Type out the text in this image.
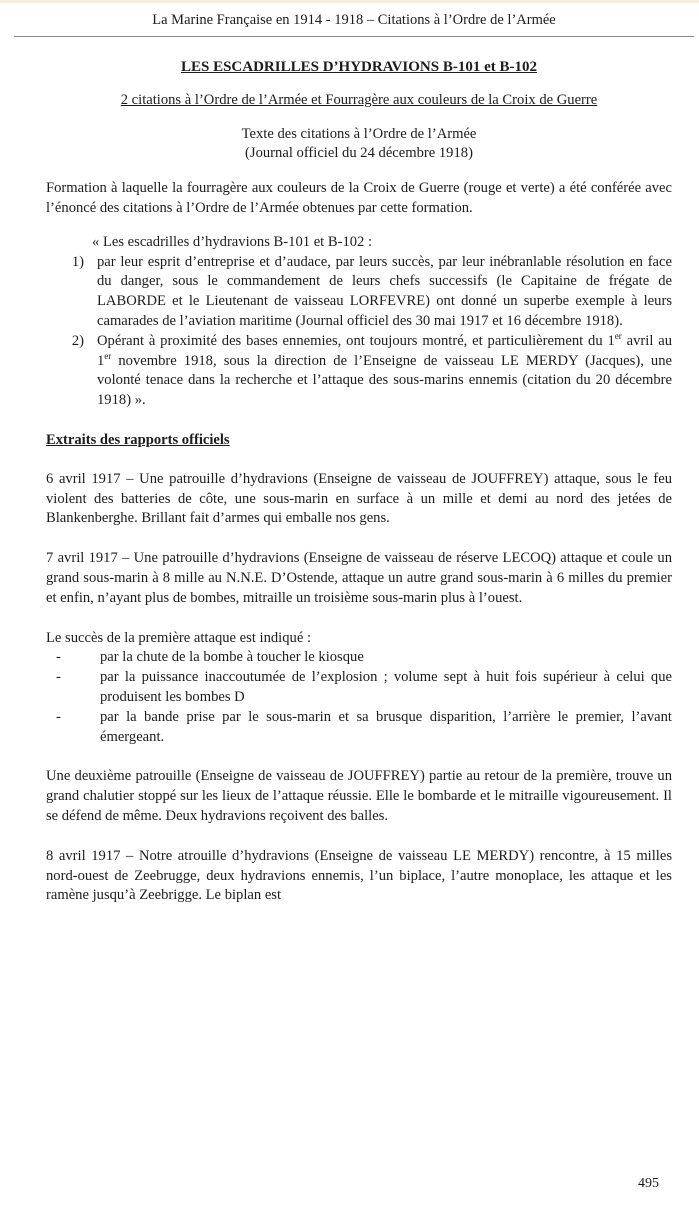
La Marine Française en 1914 - 1918 – Citations à l’Ordre de l’Armée
LES ESCADRILLES D’HYDRAVIONS B-101 et B-102
2 citations à l’Ordre de l’Armée et Fourragère aux couleurs de la Croix de Guerre
Texte des citations à l’Ordre de l’Armée
(Journal officiel du 24 décembre 1918)

Formation à laquelle la fourragère aux couleurs de la Croix de Guerre (rouge et verte) a été conférée avec l’énoncé des citations à l’Ordre de l’Armée obtenues par cette formation.

« Les escadrilles d’hydravions B-101 et B-102 :
1) par leur esprit d’entreprise et d’audace, par leurs succès, par leur inébranlable résolution en face du danger, sous le commandement de leurs chefs successifs (le Capitaine de frégate de LABORDE et le Lieutenant de vaisseau LORFEVRE) ont donné un superbe exemple à leurs camarades de l’aviation maritime (Journal officiel des 30 mai 1917 et 16 décembre 1918).
2) Opérant à proximité des bases ennemies, ont toujours montré, et particulièrement du 1er avril au 1er novembre 1918, sous la direction de l’Enseigne de vaisseau LE MERDY (Jacques), une volonté tenace dans la recherche et l’attaque des sous-marins ennemis (citation du 20 décembre 1918) ».
Extraits des rapports officiels

6 avril 1917 – Une patrouille d’hydravions (Enseigne de vaisseau de JOUFFREY) attaque, sous le feu violent des batteries de côte, une sous-marin en surface à un mille et demi au nord des jetées de Blankenberghe. Brillant fait d’armes qui emballe nos gens.

7 avril 1917 – Une patrouille d’hydravions (Enseigne de vaisseau de réserve LECOQ) attaque et coule un grand sous-marin à 8 mille au N.N.E. D’Ostende, attaque un autre grand sous-marin à 6 milles du premier et enfin, n’ayant plus de bombes, mitraille un troisième sous-marin plus à l’ouest.

Le succès de la première attaque est indiqué :

-	par la chute de la bombe à toucher le kiosque
-	par la puissance inaccoutumée de l’explosion ; volume sept à huit fois supérieur à celui que produisent les bombes D
-	par la bande prise par le sous-marin et sa brusque disparition, l’arrière le premier, l’avant émergeant.

Une deuxième patrouille (Enseigne de vaisseau de JOUFFREY) partie au retour de la première, trouve un grand chalutier stoppé sur les lieux de l’attaque réussie. Elle le bombarde et le mitraille vigoureusement. Il se défend de même. Deux hydravions reçoivent des balles.

8 avril 1917 – Notre atrouille d’hydravions (Enseigne de vaisseau LE MERDY) rencontre, à 15 milles nord-ouest de Zeebrugge, deux hydravions ennemis, l’un biplace, l’autre monoplace, les attaque et les ramène jusqu’à Zeebrigge. Le biplan est

495
